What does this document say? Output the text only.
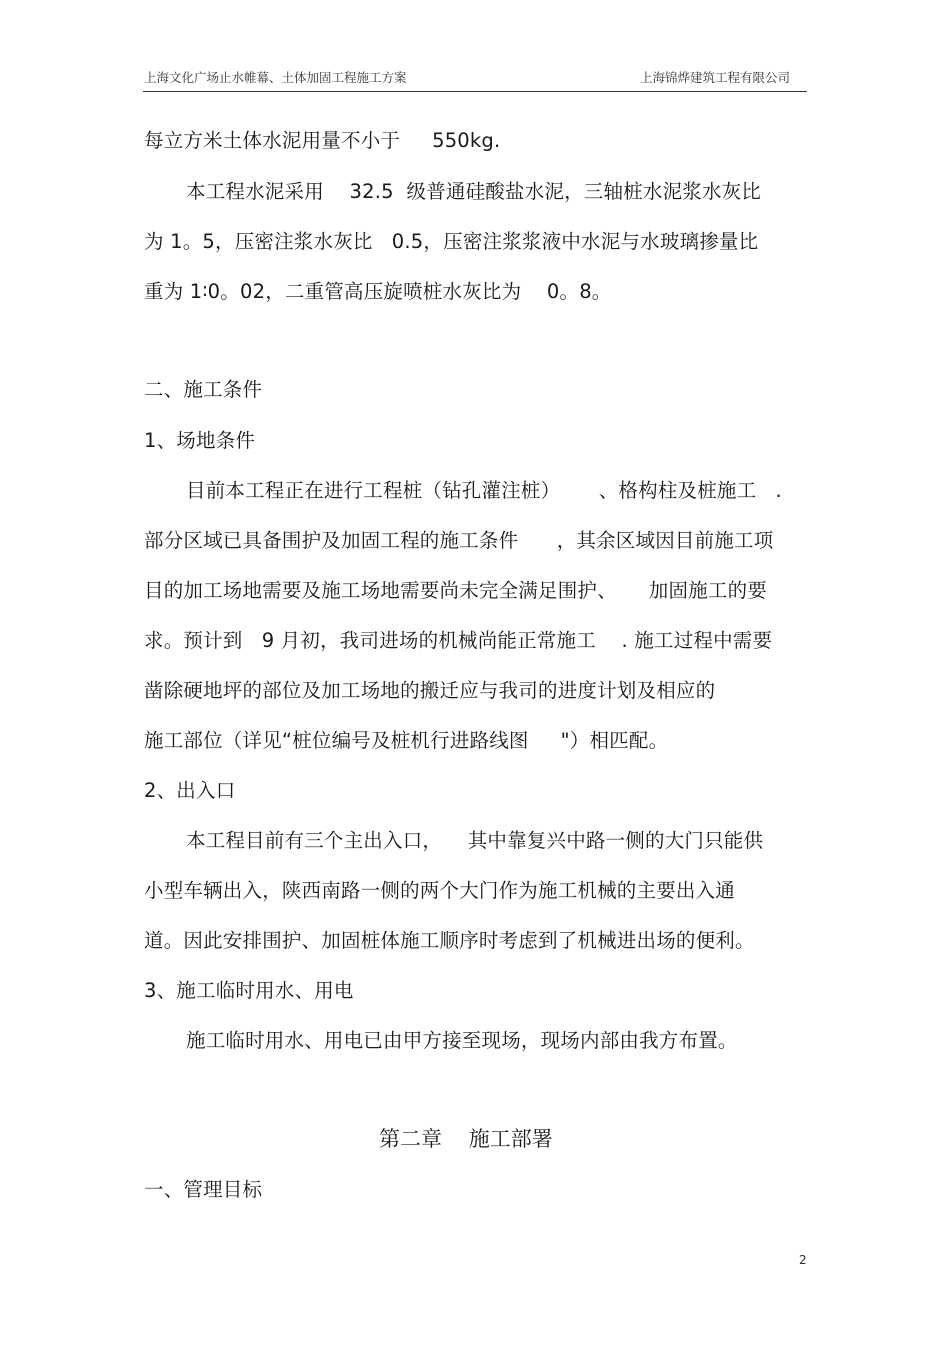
上海文化广场止水帷幕、土体加固工程施工方案	上海锦烨建筑工程有限公司
每立方米土体水泥用量不小于     550kg.
本工程水泥采用    32.5  级普通硅酸盐水泥，三轴桩水泥浆水灰比
为 1。5，压密注浆水灰比   0.5，压密注浆浆液中水泥与水玻璃掺量比
重为 1∶0。02，二重管高压旋喷桩水灰比为    0。8。
二、施工条件
1、场地条件
目前本工程正在进行工程桩（钻孔灌注桩）      、格构柱及桩施工   .
部分区域已具备围护及加固工程的施工条件      ，其余区域因目前施工项
目的加工场地需要及施工场地需要尚未完全满足围护、     加固施工的要
求。预计到   9 月初，我司进场的机械尚能正常施工    . 施工过程中需要
凿除硬地坪的部位及加工场地的搬迁应与我司的进度计划及相应的
施工部位（详见“桩位编号及桩机行进路线图     "）相匹配。
2、出入口
本工程目前有三个主出入口，    其中靠复兴中路一侧的大门只能供
小型车辆出入，陕西南路一侧的两个大门作为施工机械的主要出入通
道。因此安排围护、加固桩体施工顺序时考虑到了机械进出场的便利。
3、施工临时用水、用电
施工临时用水、用电已由甲方接至现场，现场内部由我方布置。
第二章    施工部署
一、管理目标
2
